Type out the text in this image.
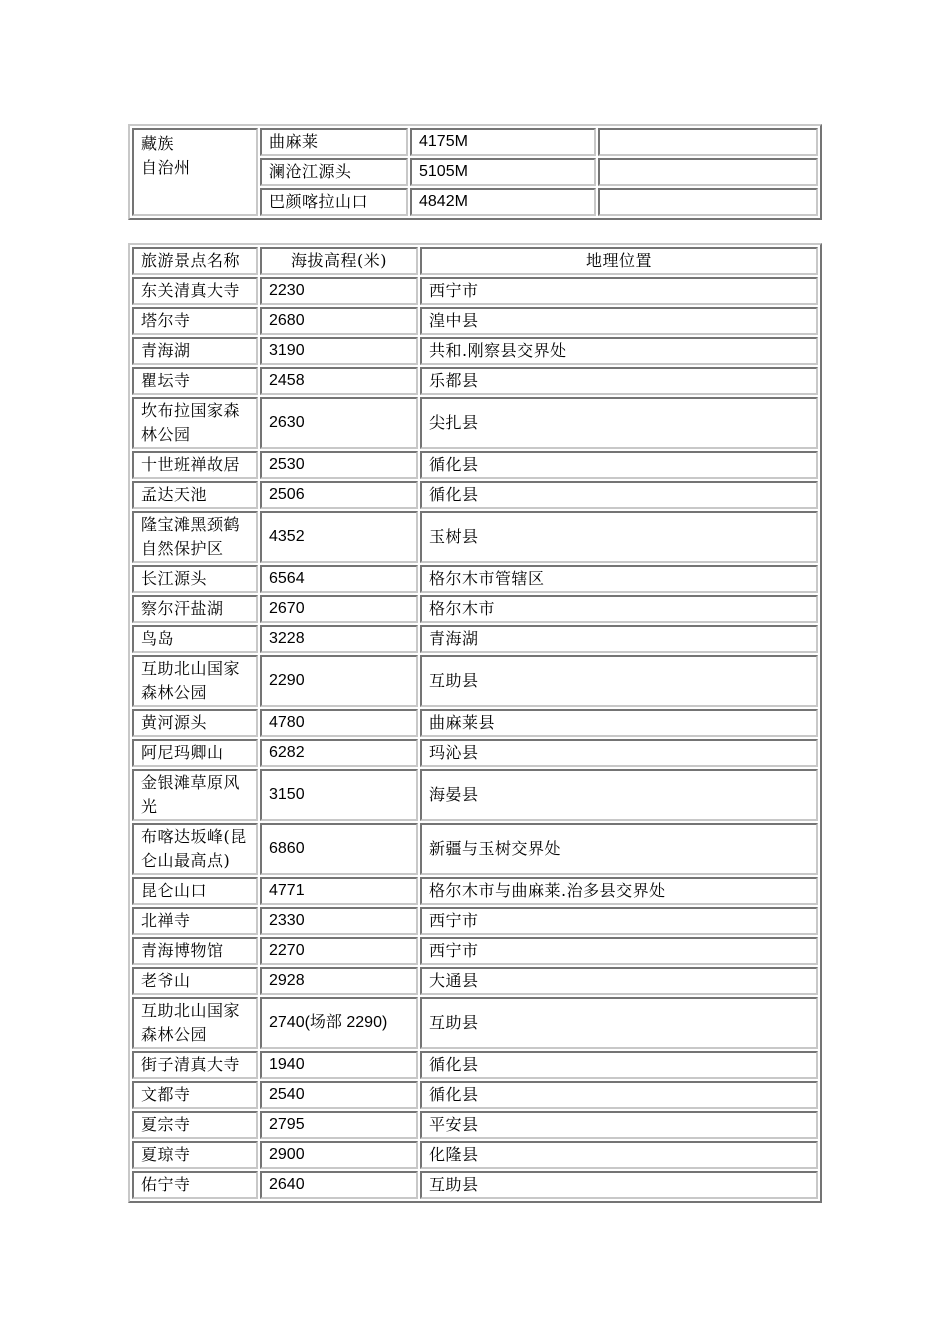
藏族
自治州	曲麻莱	4175M	
	澜沧江源头	5105M	
	巴颜喀拉山口	4842M	
旅游景点名称	海拔高程(米)	地理位置
东关清真大寺	2230	西宁市
塔尔寺	2680	湟中县
青海湖	3190	共和.刚察县交界处
瞿坛寺	2458	乐都县
坎布拉国家森林公园	2630	尖扎县
十世班禅故居	2530	循化县
孟达天池	2506	循化县
隆宝滩黑颈鹤自然保护区	4352	玉树县
长江源头	6564	格尔木市管辖区
察尔汗盐湖	2670	格尔木市
鸟岛	3228	青海湖
互助北山国家森林公园	2290	互助县
黄河源头	4780	曲麻莱县
阿尼玛卿山	6282	玛沁县
金银滩草原风光	3150	海晏县
布喀达坂峰(昆仑山最高点)	6860	新疆与玉树交界处
昆仑山口	4771	格尔木市与曲麻莱.治多县交界处
北禅寺	2330	西宁市
青海博物馆	2270	西宁市
老爷山	2928	大通县
互助北山国家森林公园	2740(场部 2290)	互助县
街子清真大寺	1940	循化县
文都寺	2540	循化县
夏宗寺	2795	平安县
夏琼寺	2900	化隆县
佑宁寺	2640	互助县
